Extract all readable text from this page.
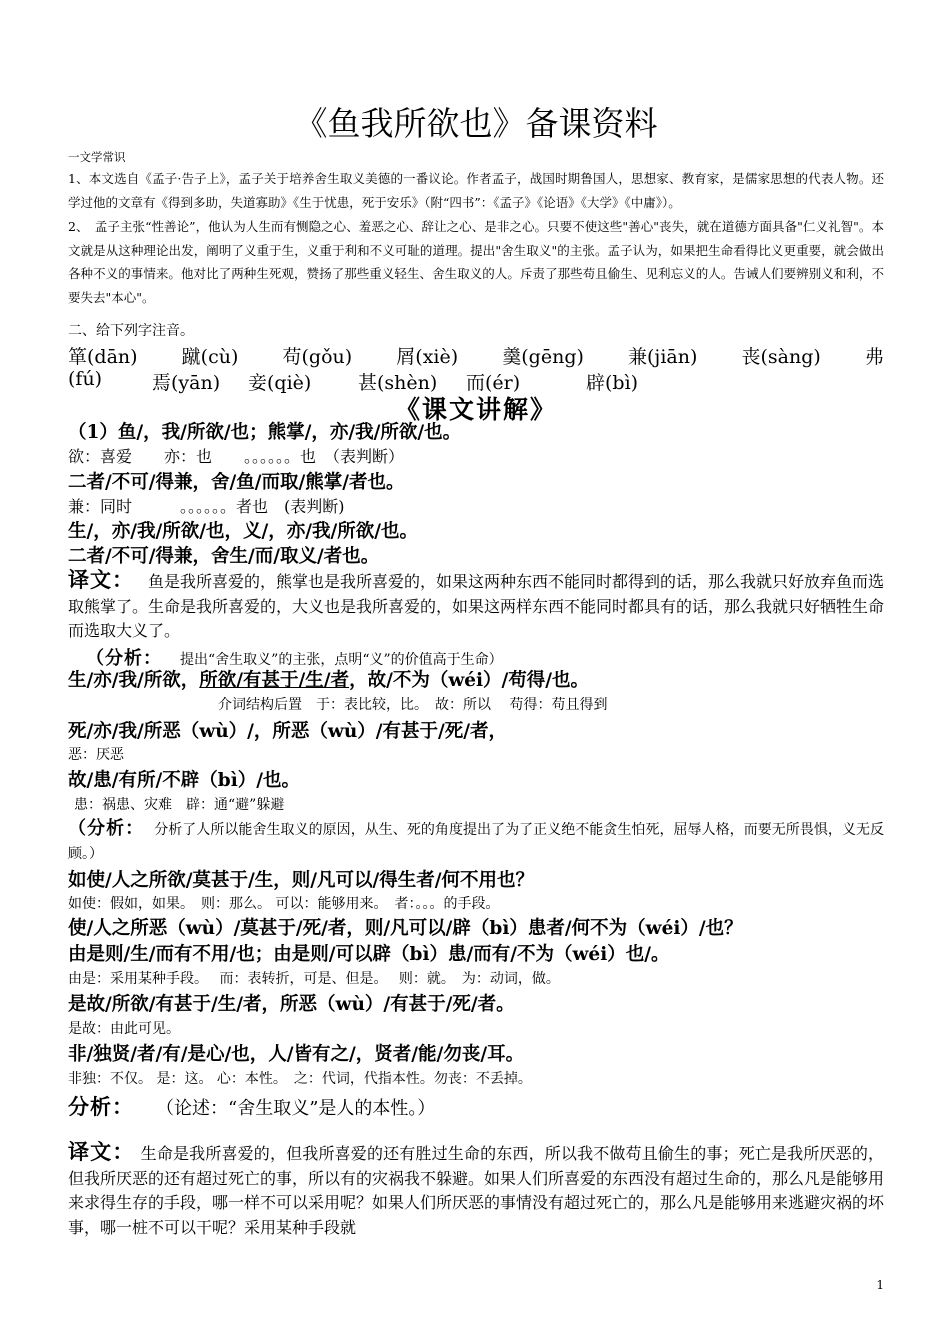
《鱼我所欲也》备课资料
一文学常识
1、本文选自《孟子·告子上》，孟子关于培养舍生取义美德的一番议论。作者孟子，战国时期鲁国人，思想家、教育家，是儒家思想的代表人物。还学过他的文章有《得到多助，失道寡助》《生于忧患，死于安乐》（附“四书”：《孟子》《论语》《大学》《中庸》）。
2、　孟子主张“性善论”，他认为人生而有恻隐之心、羞恶之心、辞让之心、是非之心。只要不使这些"善心"丧失，就在道德方面具备"仁义礼智"。本文就是从这种理论出发，阐明了义重于生，义重于利和不义可耻的道理。提出"舍生取义"的主张。孟子认为，如果把生命看得比义更重要，就会做出各种不义的事情来。他对比了两种生死观，赞扬了那些重义轻生、舍生取义的人。斥责了那些苟且偷生、见利忘义的人。告诫人们要辨别义和利，不要失去"本心"。
二、给下列字注音。
箪(dān) 蹴(cù) 苟(gǒu) 屑(xiè) 羹(gēng) 兼(jiān) 丧(sàng) 弗
(fú)	焉(yān) 妾(qiè) 甚(shèn) 而(ér)	辟(bì)
《课文讲解》
（1）鱼/，我/所欲/也；熊掌/，亦/我/所欲/也。
欲：喜爱　　亦：也　　。。。。。。也　（表判断）
二者/不可/得兼，舍/鱼/而取/熊掌/者也。
兼：同时　　　。。。。。。者也　(表判断)
生/，亦/我/所欲/也，义/，亦/我/所欲/也。
二者/不可/得兼，舍生/而/取义/者也。
译文： 鱼是我所喜爱的，熊掌也是我所喜爱的，如果这两种东西不能同时都得到的话，那么我就只好放弃鱼而选取熊掌了。生命是我所喜爱的，大义也是我所喜爱的，如果这两样东西不能同时都具有的话，那么我就只好牺牲生命而选取大义了。
（分析： 提出“舍生取义”的主张，点明“义”的价值高于生命）
生/亦/我/所欲，所欲/有甚于/生/者，故/不为（wéi）/苟得/也。
介词结构后置　于：表比较，比。　故：所以　 苟得：苟且得到
死/亦/我/所恶（wù）/，所恶（wù）/有甚于/死/者，
恶：厌恶
故/患/有所/不辟（bì）/也。
患：祸患、灾难　辟：通“避”躲避
（分析： 分析了人所以能舍生取义的原因，从生、死的角度提出了为了正义绝不能贪生怕死，屈辱人格，而要无所畏惧，义无反顾。）
如使/人之所欲/莫甚于/生，则/凡可以/得生者/何不用也？
如使：假如，如果。　则：那么。 可以：能够用来。　者：。。。的手段。
使/人之所恶（wù）/莫甚于/死/者，则/凡可以/辟（bì）患者/何不为（wéi）/也？
由是则/生/而有不用/也；由是则/可以辟（bì）患/而有/不为（wéi）也/。
由是：采用某种手段。　 而：表转折，可是、但是。　 则：就。　为：动词，做。
是故/所欲/有甚于/生/者，所恶（wù）/有甚于/死/者。
是故：由此可见。
非/独贤/者/有/是心/也，人/皆有之/，贤者/能/勿丧/耳。
非独：不仅。 是：这。 心：本性。　之：代词，代指本性。勿丧：不丢掉。
分析： （论述：“舍生取义”是人的本性。）
译文： 生命是我所喜爱的，但我所喜爱的还有胜过生命的东西，所以我不做苟且偷生的事；死亡是我所厌恶的，但我所厌恶的还有超过死亡的事，所以有的灾祸我不躲避。如果人们所喜爱的东西没有超过生命的，那么凡是能够用来求得生存的手段，哪一样不可以采用呢？如果人们所厌恶的事情没有超过死亡的，那么凡是能够用来逃避灾祸的坏事，哪一桩不可以干呢？采用某种手段就
1
